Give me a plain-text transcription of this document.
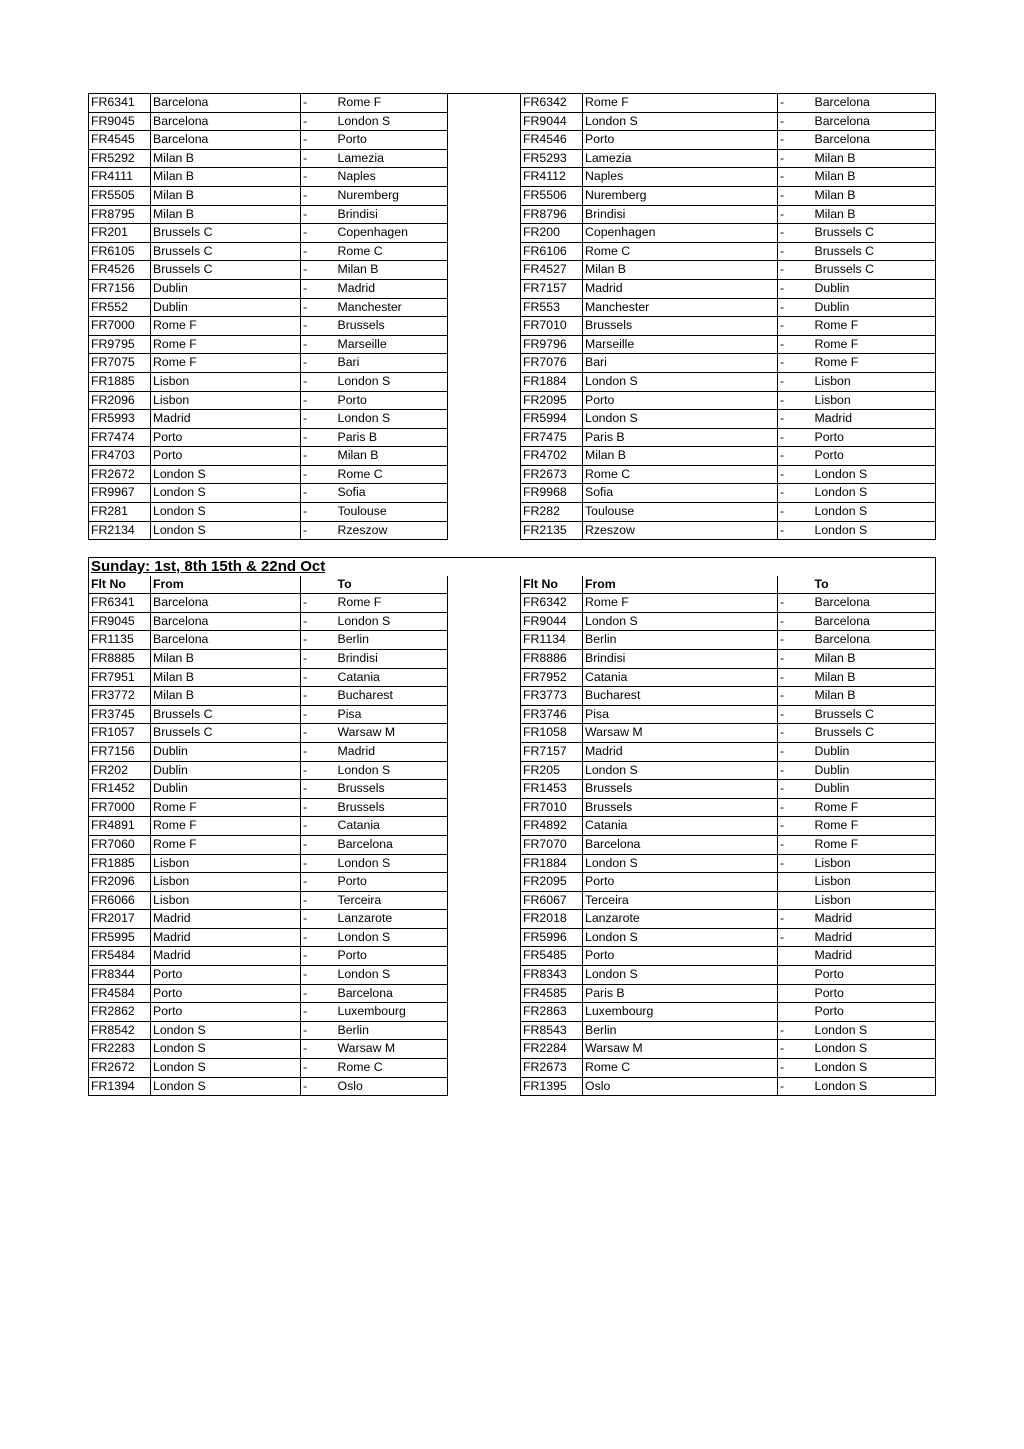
FR6341	Barcelona	-	Rome F		FR6342	Rome F	-	Barcelona
FR9045	Barcelona	-	London S		FR9044	London S	-	Barcelona
FR4545	Barcelona	-	Porto		FR4546	Porto	-	Barcelona
FR5292	Milan B	-	Lamezia		FR5293	Lamezia	-	Milan B
FR4111	Milan B	-	Naples		FR4112	Naples	-	Milan B
FR5505	Milan B	-	Nuremberg		FR5506	Nuremberg	-	Milan B
FR8795	Milan B	-	Brindisi		FR8796	Brindisi	-	Milan B
FR201	Brussels C	-	Copenhagen		FR200	Copenhagen	-	Brussels C
FR6105	Brussels C	-	Rome C		FR6106	Rome C	-	Brussels C
FR4526	Brussels C	-	Milan B		FR4527	Milan B	-	Brussels C
FR7156	Dublin	-	Madrid		FR7157	Madrid	-	Dublin
FR552	Dublin	-	Manchester		FR553	Manchester	-	Dublin
FR7000	Rome F	-	Brussels		FR7010	Brussels	-	Rome F
FR9795	Rome F	-	Marseille		FR9796	Marseille	-	Rome F
FR7075	Rome F	-	Bari		FR7076	Bari	-	Rome F
FR1885	Lisbon	-	London S		FR1884	London S	-	Lisbon
FR2096	Lisbon	-	Porto		FR2095	Porto	-	Lisbon
FR5993	Madrid	-	London S		FR5994	London S	-	Madrid
FR7474	Porto	-	Paris B		FR7475	Paris B	-	Porto
FR4703	Porto	-	Milan B		FR4702	Milan B	-	Porto
FR2672	London S	-	Rome C		FR2673	Rome C	-	London S
FR9967	London S	-	Sofia		FR9968	Sofia	-	London S
FR281	London S	-	Toulouse		FR282	Toulouse	-	London S
FR2134	London S	-	Rzeszow		FR2135	Rzeszow	-	London S
Sunday: 1st, 8th 15th & 22nd Oct								
Flt No	From		To		Flt No	From		To
FR6341	Barcelona	-	Rome F		FR6342	Rome F	-	Barcelona
FR9045	Barcelona	-	London S		FR9044	London S	-	Barcelona
FR1135	Barcelona	-	Berlin		FR1134	Berlin	-	Barcelona
FR8885	Milan B	-	Brindisi		FR8886	Brindisi	-	Milan B
FR7951	Milan B	-	Catania		FR7952	Catania	-	Milan B
FR3772	Milan B	-	Bucharest		FR3773	Bucharest	-	Milan B
FR3745	Brussels C	-	Pisa		FR3746	Pisa	-	Brussels C
FR1057	Brussels C	-	Warsaw M		FR1058	Warsaw M	-	Brussels C
FR7156	Dublin	-	Madrid		FR7157	Madrid	-	Dublin
FR202	Dublin	-	London S		FR205	London S	-	Dublin
FR1452	Dublin	-	Brussels		FR1453	Brussels	-	Dublin
FR7000	Rome F	-	Brussels		FR7010	Brussels	-	Rome F
FR4891	Rome F	-	Catania		FR4892	Catania	-	Rome F
FR7060	Rome F	-	Barcelona		FR7070	Barcelona	-	Rome F
FR1885	Lisbon	-	London S		FR1884	London S	-	Lisbon
FR2096	Lisbon	-	Porto		FR2095	Porto		Lisbon
FR6066	Lisbon	-	Terceira		FR6067	Terceira		Lisbon
FR2017	Madrid	-	Lanzarote		FR2018	Lanzarote	-	Madrid
FR5995	Madrid	-	London S		FR5996	London S	-	Madrid
FR5484	Madrid	-	Porto		FR5485	Porto		Madrid
FR8344	Porto	-	London S		FR8343	London S		Porto
FR4584	Porto	-	Barcelona		FR4585	Paris B		Porto
FR2862	Porto	-	Luxembourg		FR2863	Luxembourg		Porto
FR8542	London S	-	Berlin		FR8543	Berlin	-	London S
FR2283	London S	-	Warsaw M		FR2284	Warsaw M	-	London S
FR2672	London S	-	Rome C		FR2673	Rome C	-	London S
FR1394	London S	-	Oslo		FR1395	Oslo	-	London S
